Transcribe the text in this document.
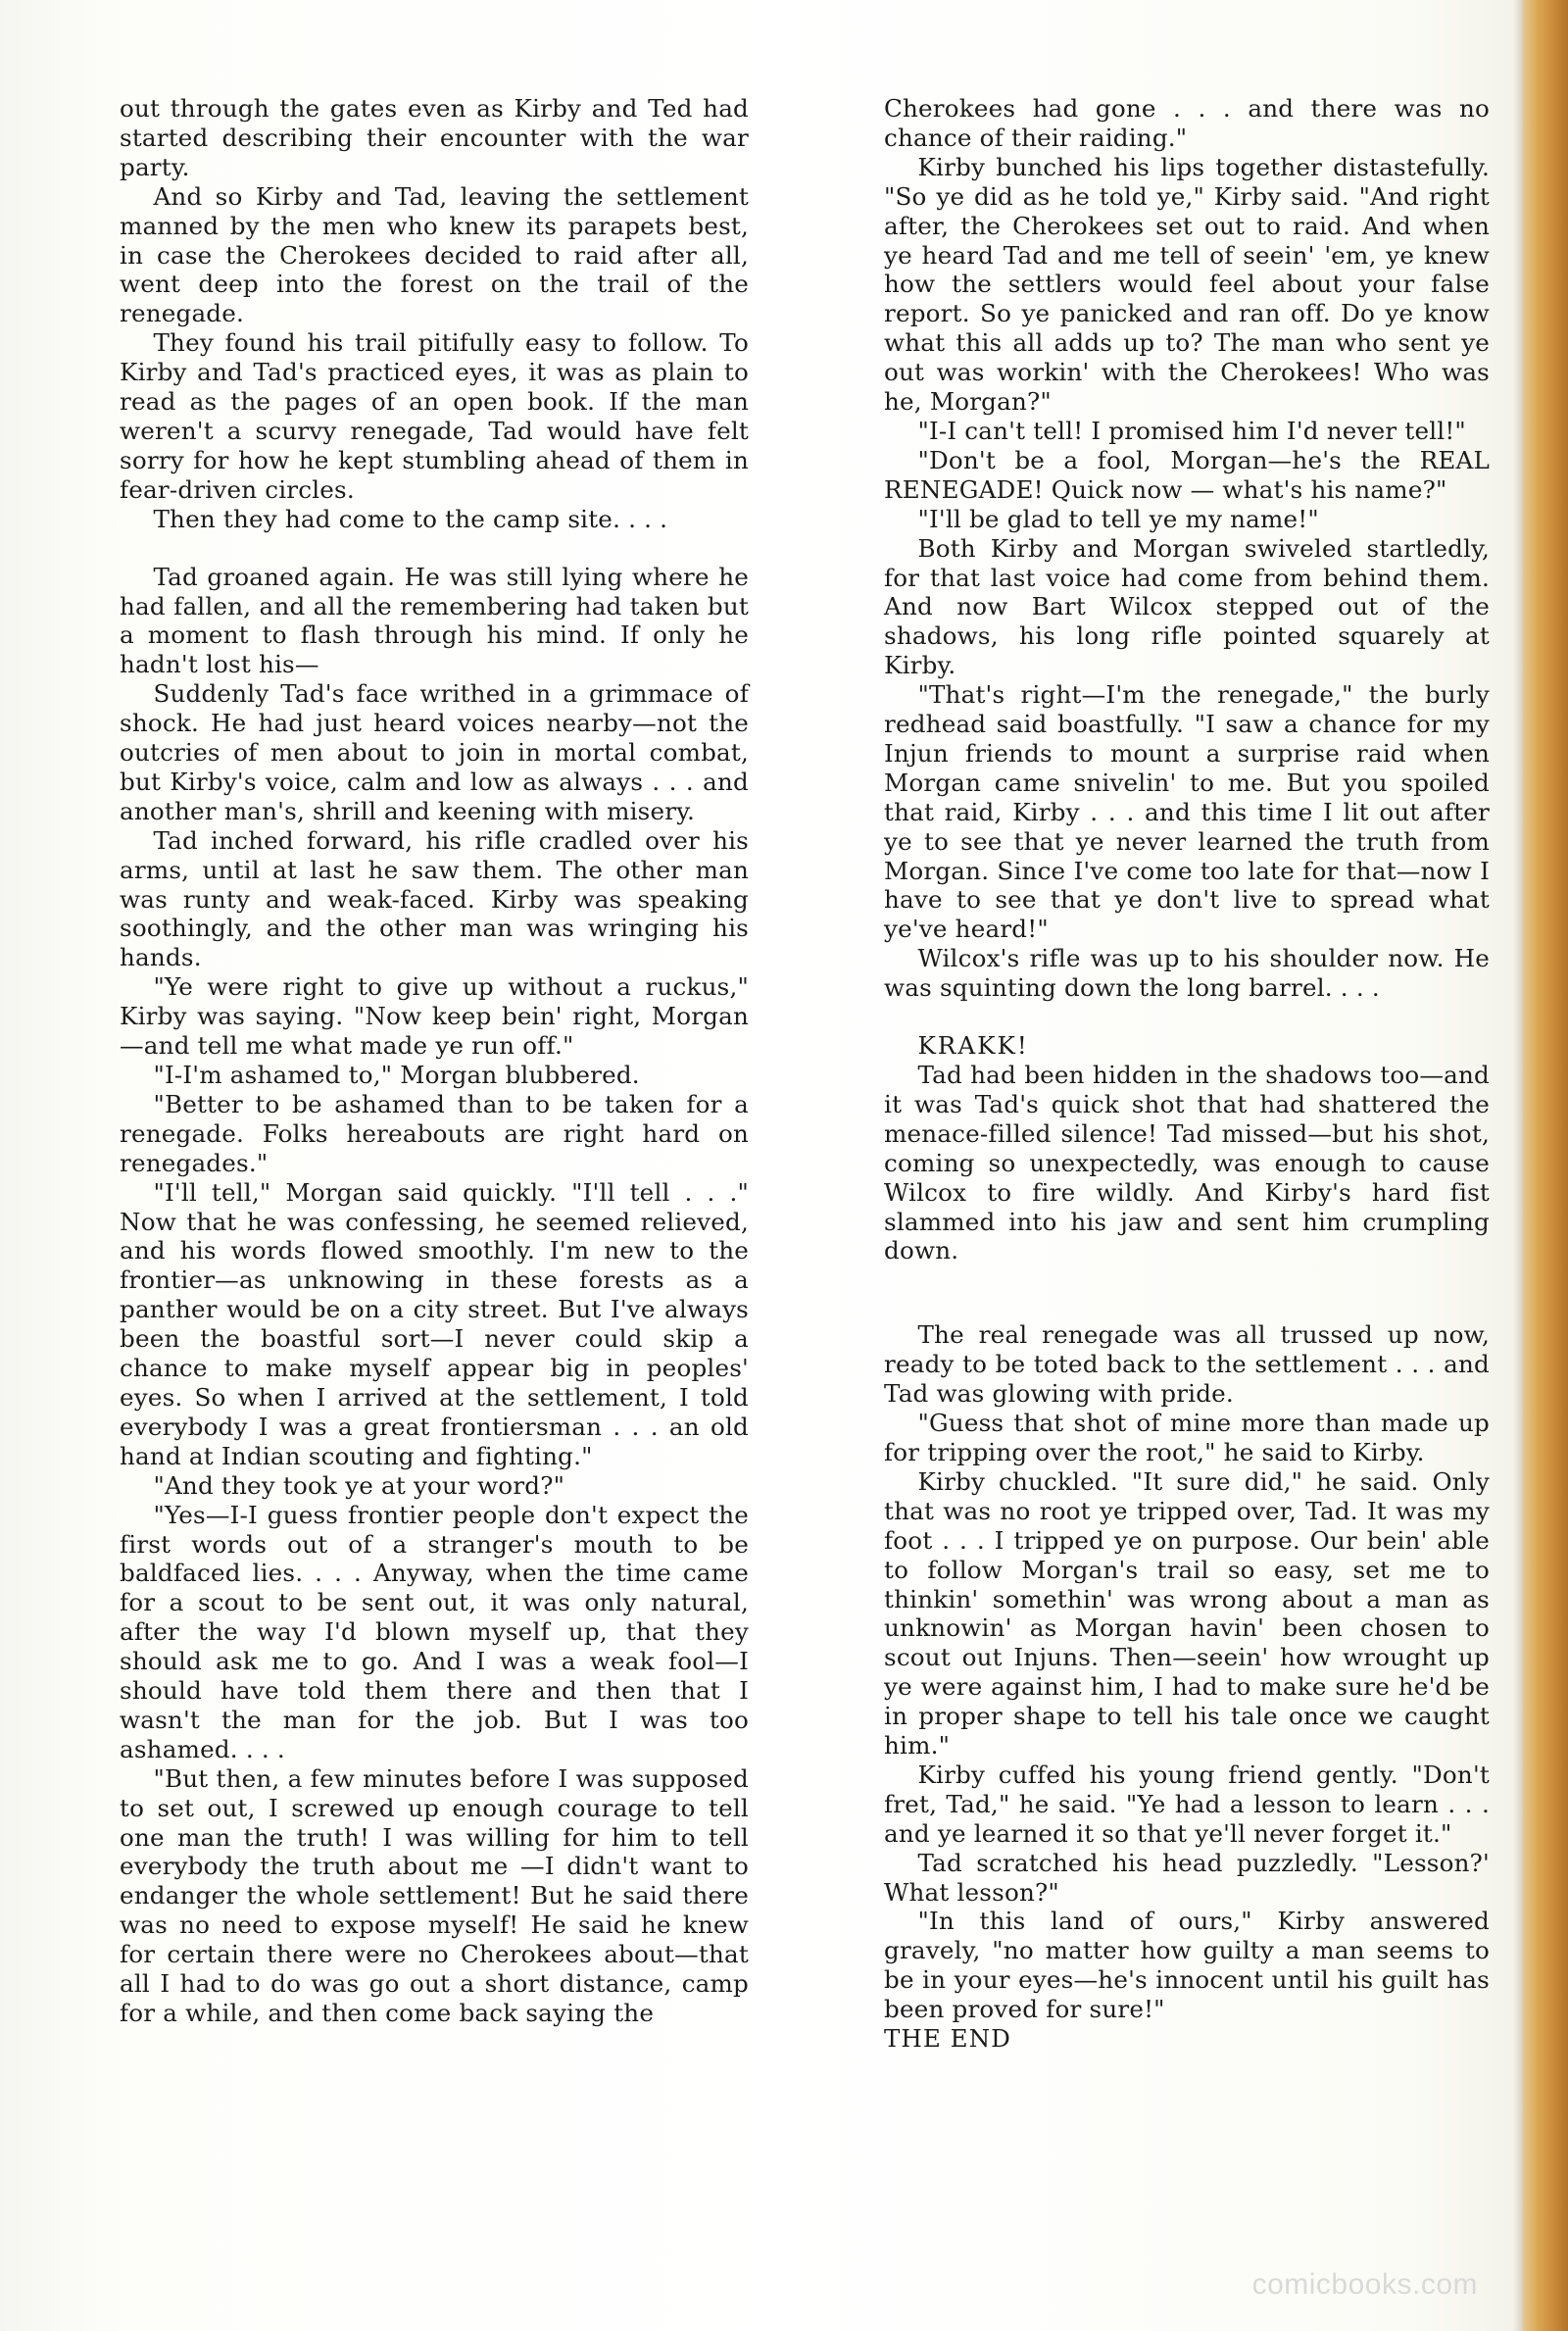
out through the gates even as Kirby and Ted had started describing their encounter with the war party.

And so Kirby and Tad, leaving the settlement manned by the men who knew its parapets best, in case the Cherokees decided to raid after all, went deep into the forest on the trail of the renegade.

They found his trail pitifully easy to follow. To Kirby and Tad's practiced eyes, it was as plain to read as the pages of an open book. If the man weren't a scurvy renegade, Tad would have felt sorry for how he kept stumbling ahead of them in fear-driven circles.

Then they had come to the camp site. . . .

Tad groaned again. He was still lying where he had fallen, and all the remembering had taken but a moment to flash through his mind. If only he hadn't lost his—

Suddenly Tad's face writhed in a grimmace of shock. He had just heard voices nearby—not the outcries of men about to join in mortal combat, but Kirby's voice, calm and low as always . . . and another man's, shrill and keening with misery.

Tad inched forward, his rifle cradled over his arms, until at last he saw them. The other man was runty and weak-faced. Kirby was speaking soothingly, and the other man was wringing his hands.

"Ye were right to give up without a ruckus," Kirby was saying. "Now keep bein' right, Morgan—and tell me what made ye run off."

"I-I'm ashamed to," Morgan blubbered.

"Better to be ashamed than to be taken for a renegade. Folks hereabouts are right hard on renegades."

"I'll tell," Morgan said quickly. "I'll tell . . ." Now that he was confessing, he seemed relieved, and his words flowed smoothly. I'm new to the frontier—as unknowing in these forests as a panther would be on a city street. But I've always been the boastful sort—I never could skip a chance to make myself appear big in peoples' eyes. So when I arrived at the settlement, I told everybody I was a great frontiersman . . . an old hand at Indian scouting and fighting."

"And they took ye at your word?"

"Yes—I-I guess frontier people don't expect the first words out of a stranger's mouth to be baldfaced lies. . . . Anyway, when the time came for a scout to be sent out, it was only natural, after the way I'd blown myself up, that they should ask me to go. And I was a weak fool—I should have told them there and then that I wasn't the man for the job. But I was too ashamed. . . .

"But then, a few minutes before I was supposed to set out, I screwed up enough courage to tell one man the truth! I was willing for him to tell everybody the truth about me —I didn't want to endanger the whole settlement! But he said there was no need to expose myself! He said he knew for certain there were no Cherokees about—that all I had to do was go out a short distance, camp for a while, and then come back saying the

Cherokees had gone . . . and there was no chance of their raiding."

Kirby bunched his lips together distastefully. "So ye did as he told ye," Kirby said. "And right after, the Cherokees set out to raid. And when ye heard Tad and me tell of seein' 'em, ye knew how the settlers would feel about your false report. So ye panicked and ran off. Do ye know what this all adds up to? The man who sent ye out was workin' with the Cherokees! Who was he, Morgan?"

"I-I can't tell! I promised him I'd never tell!"

"Don't be a fool, Morgan—he's the REAL RENEGADE! Quick now — what's his name?"

"I'll be glad to tell ye my name!"

Both Kirby and Morgan swiveled startledly, for that last voice had come from behind them. And now Bart Wilcox stepped out of the shadows, his long rifle pointed squarely at Kirby.

"That's right—I'm the renegade," the burly redhead said boastfully. "I saw a chance for my Injun friends to mount a surprise raid when Morgan came snivelin' to me. But you spoiled that raid, Kirby . . . and this time I lit out after ye to see that ye never learned the truth from Morgan. Since I've come too late for that—now I have to see that ye don't live to spread what ye've heard!"

Wilcox's rifle was up to his shoulder now. He was squinting down the long barrel. . . .

KRAKK!

Tad had been hidden in the shadows too—and it was Tad's quick shot that had shattered the menace-filled silence! Tad missed—but his shot, coming so unexpectedly, was enough to cause Wilcox to fire wildly. And Kirby's hard fist slammed into his jaw and sent him crumpling down.

The real renegade was all trussed up now, ready to be toted back to the settlement . . . and Tad was glowing with pride.

"Guess that shot of mine more than made up for tripping over the root," he said to Kirby.

Kirby chuckled. "It sure did," he said. Only that was no root ye tripped over, Tad. It was my foot . . . I tripped ye on purpose. Our bein' able to follow Morgan's trail so easy, set me to thinkin' somethin' was wrong about a man as unknowin' as Morgan havin' been chosen to scout out Injuns. Then—seein' how wrought up ye were against him, I had to make sure he'd be in proper shape to tell his tale once we caught him."

Kirby cuffed his young friend gently. "Don't fret, Tad," he said. "Ye had a lesson to learn . . . and ye learned it so that ye'll never forget it."

Tad scratched his head puzzledly. "Lesson?' What lesson?"

"In this land of ours," Kirby answered gravely, "no matter how guilty a man seems to be in your eyes—he's innocent until his guilt has been proved for sure!"

THE END

comicbooks.com
